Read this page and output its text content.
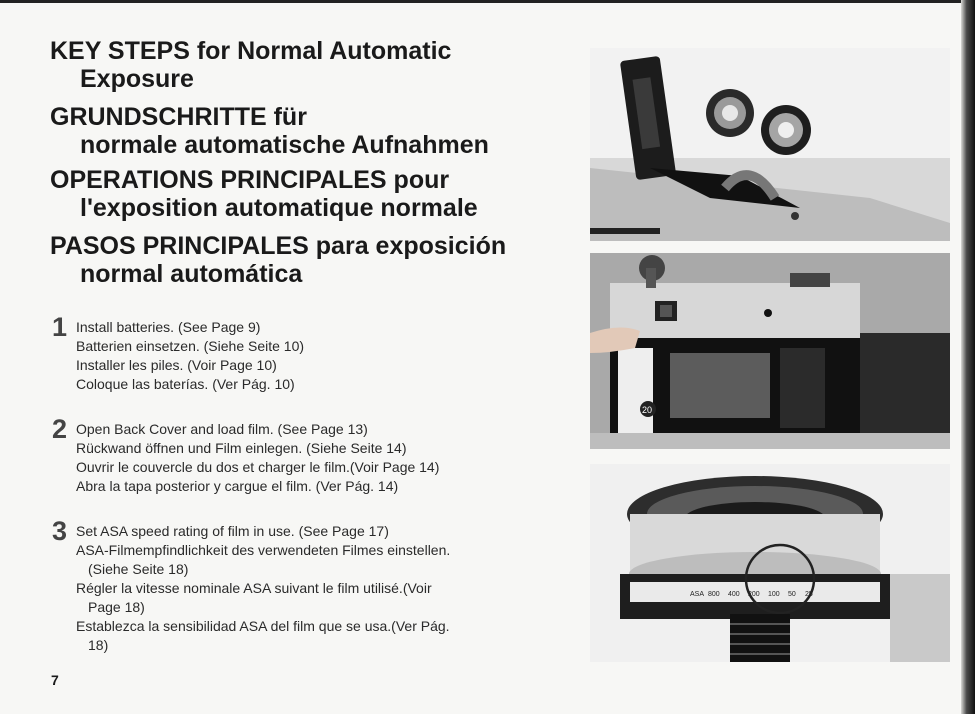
KEY STEPS for Normal Automatic
Exposure
GRUNDSCHRITTE für
normale automatische Aufnahmen
OPERATIONS PRINCIPALES pour
l'exposition automatique normale
PASOS PRINCIPALES para exposición
normal automática
1 Install batteries. (See Page 9)
Batterien einsetzen. (Siehe Seite 10)
Installer les piles. (Voir Page 10)
Coloque las baterías. (Ver Pág. 10)
2 Open Back Cover and load film. (See Page 13)
Rückwand öffnen und Film einlegen. (Siehe Seite 14)
Ouvrir le couvercle du dos et charger le film.(Voir Page 14)
Abra la tapa posterior y cargue el film. (Ver Pág. 14)
3 Set ASA speed rating of film in use. (See Page 17)
ASA-Filmempfindlichkeit des verwendeten Filmes einstellen.
(Siehe Seite 18)
Régler la vitesse nominale ASA suivant le film utilisé.(Voir
Page 18)
Establezca la sensibilidad ASA del film que se usa.(Ver Pág.
18)
7
20
ASA 800 400 200 100 50 25
